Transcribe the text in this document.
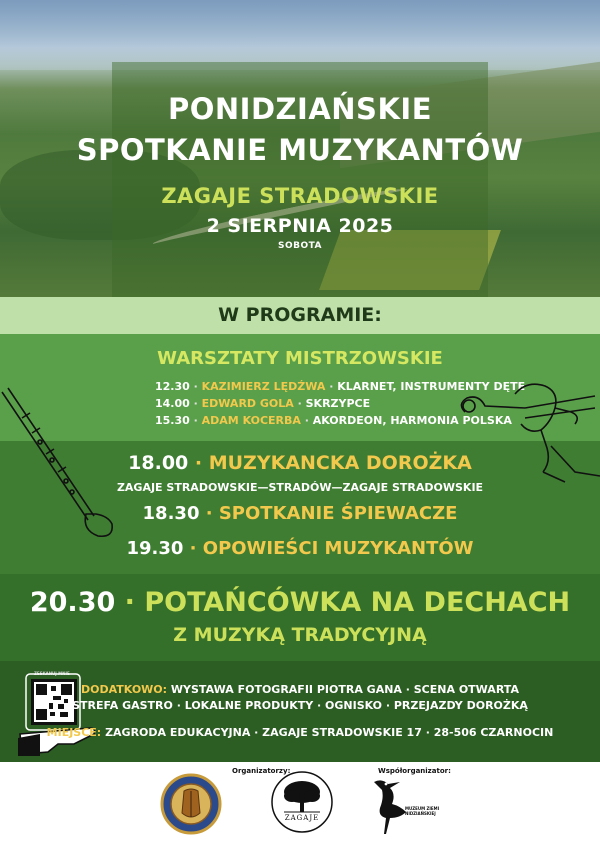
PONIDZIAŃSKIE
SPOTKANIE MUZYKANTÓW
ZAGAJE STRADOWSKIE
2 SIERPNIA 2025
SOBOTA
W PROGRAMIE:
WARSZTATY MISTRZOWSKIE
12.30 · KAZIMIERZ LĘDŹWA · KLARNET, INSTRUMENTY DĘTE
14.00 · EDWARD GOLA · SKRZYPCE
15.30 · ADAM KOCERBA · AKORDEON, HARMONIA POLSKA
18.00 · MUZYKANCKA DOROŻKA
ZAGAJE STRADOWSKIE—STRADÓW—ZAGAJE STRADOWSKIE
18.30 · SPOTKANIE ŚPIEWACZE
19.30 · OPOWIEŚCI MUZYKANTÓW
20.30 · POTAŃCÓWKA NA DECHACH
Z MUZYKĄ TRADYCYJNĄ
ZESKANUJ MNIE
DODATKOWO: WYSTAWA FOTOGRAFII PIOTRA GANA · SCENA OTWARTA
STREFA GASTRO · LOKALNE PRODUKTY · OGNISKO · PRZEJAZDY DOROŻKĄ
MIEJSCE: ZAGRODA EDUKACYJNA · ZAGAJE STRADOWSKIE 17 · 28-506 CZARNOCIN
Organizatorzy:	Współorganizator:
ZAGAJE
MUZEUM ZIEMI NIDZIAŃSKIEJ
